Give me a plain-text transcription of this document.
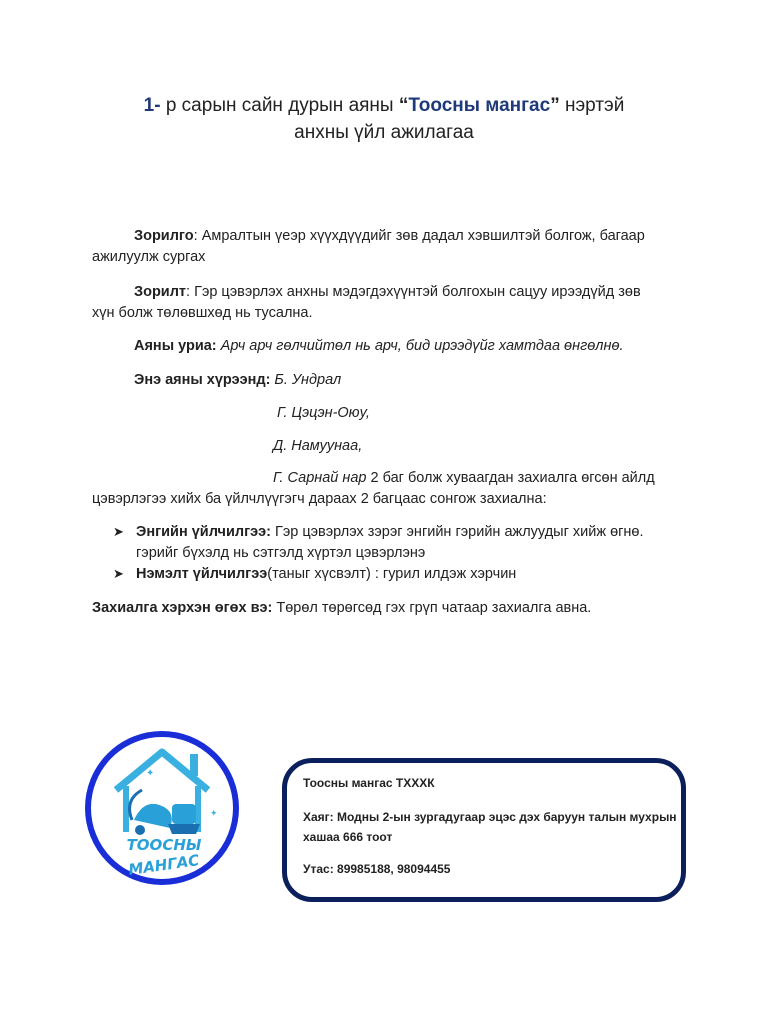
1- р сарын сайн дурын аяны “Тоосны мангас” нэртэй
анхны үйл ажилагаа
Зорилго: Амралтын үеэр хүүхдүүдийг зөв дадал хэвшилтэй болгож, багаар
ажилуулж сургах
Зорилт: Гэр цэвэрлэх анхны мэдэгдэхүүнтэй болгохын сацуу ирээдүйд зөв
хүн болж төлөвшхөд нь тусална.
Аяны уриа: Арч арч гөлчийтөл нь арч, бид ирээдүйг хамтдаа өнгөлнө.
Энэ аяны хүрээнд: Б. Ундрал
Г. Цэцэн-Оюу,
Д. Намуунаа,
Г. Сарнай нар 2 баг болж хуваагдан захиалга өгсөн айлд
цэвэрлэгээ хийх ба үйлчлүүгэгч дараах 2 багцаас сонгож захиална:
➤ Энгийн үйлчилгээ: Гэр цэвэрлэх зэрэг энгийн гэрийн ажлуудыг хийж өгнө.
гэрийг бүхэлд нь сэтгэлд хүртэл цэвэрлэнэ
➤ Нэмэлт үйлчилгээ(таныг хүсвэлт) : гурил илдэж хэрчин
Захиалга хэрхэн өгөх вэ: Төрөл төрөгсөд гэх грүп чатаар захиалга авна.
✦
✦
ТООСНЫ
МАНГАС
Тоосны мангас ТХХХК
Хаяг: Модны 2-ын зургадугаар эцэс дэх баруун талын мухрын
хашаа 666 тоот
Утас: 89985188, 98094455
